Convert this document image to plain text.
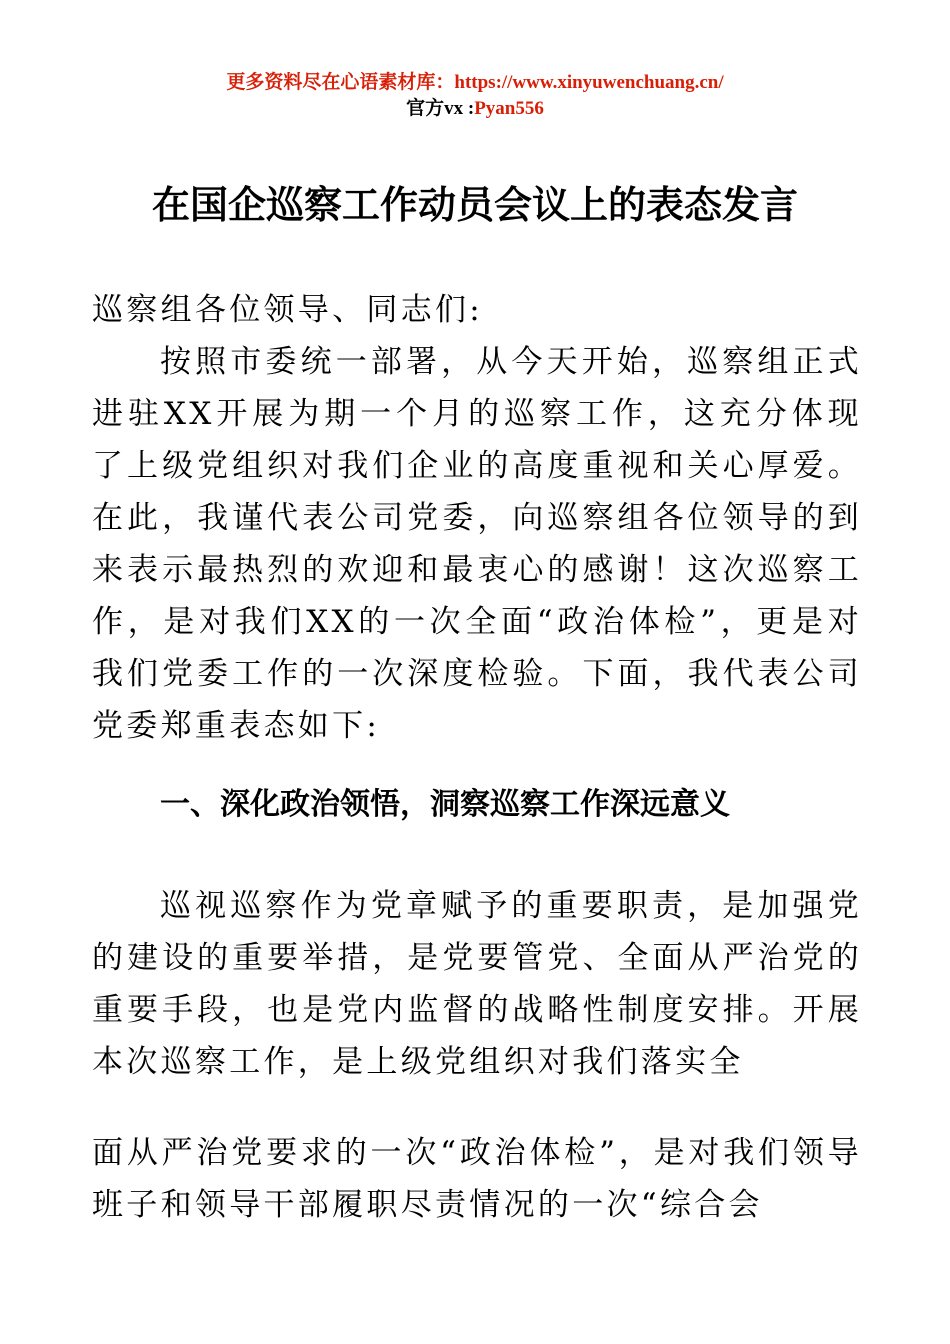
更多资料尽在心语素材库：https://www.xinyuwenchuang.cn/
官方vx :Pyan556
在国企巡察工作动员会议上的表态发言

巡察组各位领导、同志们:

按照市委统一部署，从今天开始，巡察组正式进驻XX开展为期一个月的巡察工作，这充分体现了上级党组织对我们企业的高度重视和关心厚爱。在此，我谨代表公司党委，向巡察组各位领导的到来表示最热烈的欢迎和最衷心的感谢！这次巡察工作，是对我们XX的一次全面“政治体检”，更是对我们党委工作的一次深度检验。下面，我代表公司党委郑重表态如下:

一、深化政治领悟，洞察巡察工作深远意义

巡视巡察作为党章赋予的重要职责，是加强党的建设的重要举措，是党要管党、全面从严治党的重要手段，也是党内监督的战略性制度安排。开展本次巡察工作，是上级党组织对我们落实全

面从严治党要求的一次“政治体检”，是对我们领导班子和领导干部履职尽责情况的一次“综合会
